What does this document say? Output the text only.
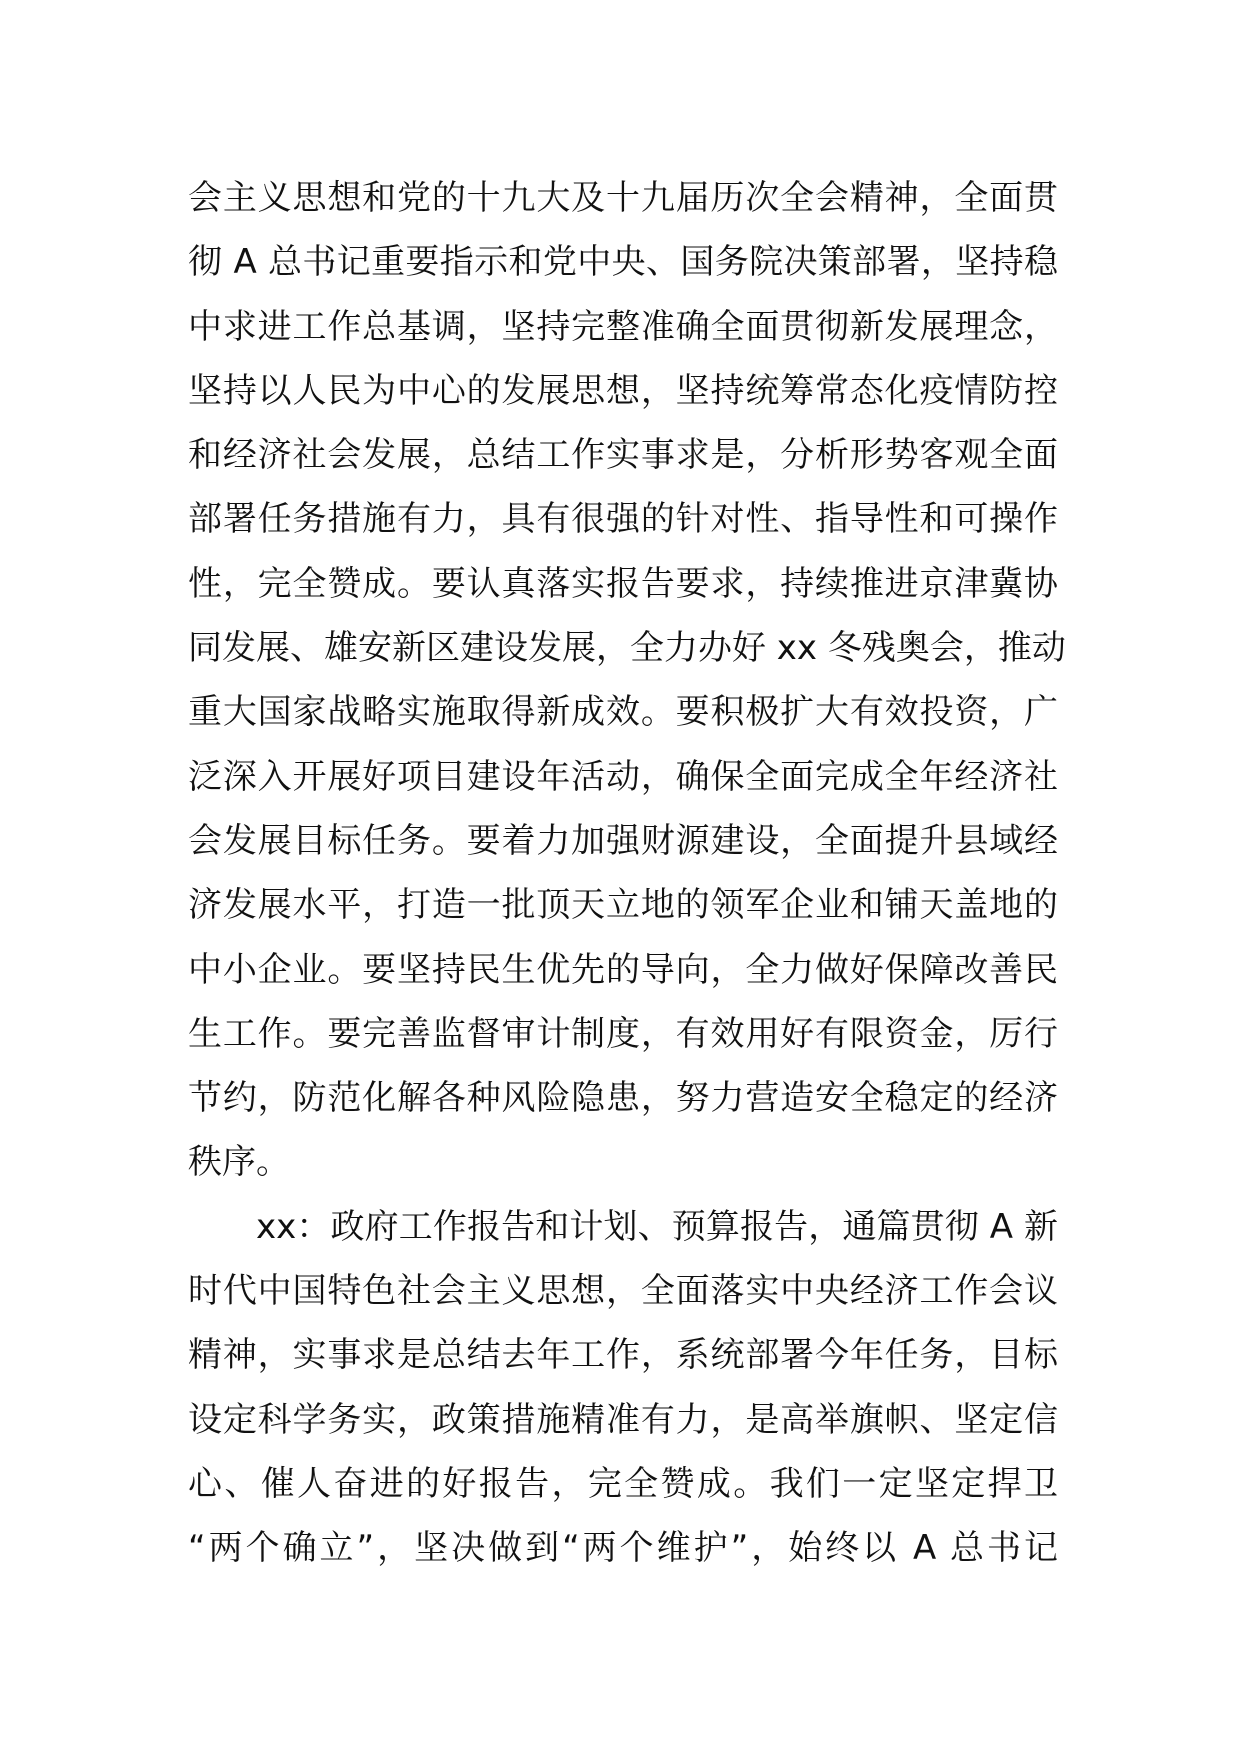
会主义思想和党的十九大及十九届历次全会精神，全面贯
彻 A 总书记重要指示和党中央、国务院决策部署，坚持稳
中求进工作总基调，坚持完整准确全面贯彻新发展理念，
坚持以人民为中心的发展思想，坚持统筹常态化疫情防控
和经济社会发展，总结工作实事求是，分析形势客观全面
部署任务措施有力，具有很强的针对性、指导性和可操作
性，完全赞成。要认真落实报告要求，持续推进京津冀协
同发展、雄安新区建设发展，全力办好 xx 冬残奥会，推动
重大国家战略实施取得新成效。要积极扩大有效投资，广
泛深入开展好项目建设年活动，确保全面完成全年经济社
会发展目标任务。要着力加强财源建设，全面提升县域经
济发展水平，打造一批顶天立地的领军企业和铺天盖地的
中小企业。要坚持民生优先的导向，全力做好保障改善民
生工作。要完善监督审计制度，有效用好有限资金，厉行
节约，防范化解各种风险隐患，努力营造安全稳定的经济
秩序。
xx：政府工作报告和计划、预算报告，通篇贯彻 A 新
时代中国特色社会主义思想，全面落实中央经济工作会议
精神，实事求是总结去年工作，系统部署今年任务，目标
设定科学务实，政策措施精准有力，是高举旗帜、坚定信
心、催人奋进的好报告，完全赞成。我们一定坚定捍卫
“两个确立”，坚决做到“两个维护”，始终以 A 总书记
